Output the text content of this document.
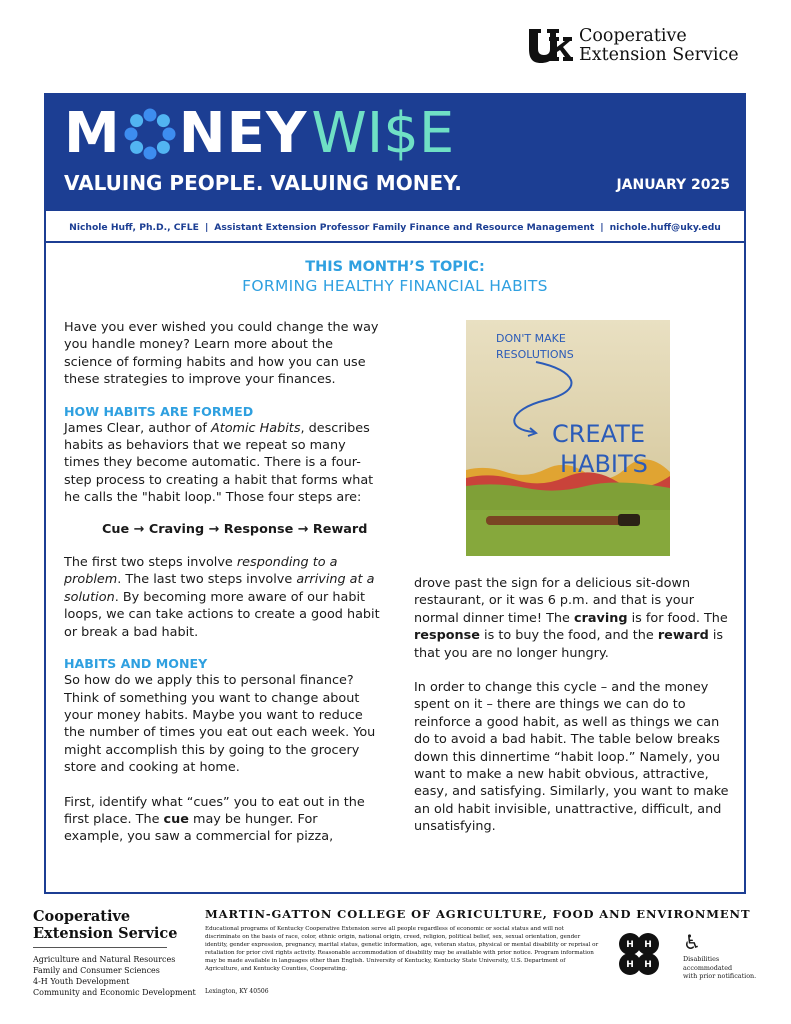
Cooperative
Extension Service
M NEY WI$E
VALUING PEOPLE. VALUING MONEY.	JANUARY 2025
Nichole Huff, Ph.D., CFLE | Assistant Extension Professor Family Finance and Resource Management | nichole.huff@uky.edu
THIS MONTH’S TOPIC:
FORMING HEALTHY FINANCIAL HABITS

Have you ever wished you could change the way you handle money? Learn more about the science of forming habits and how you can use these strategies to improve your finances.

HOW HABITS ARE FORMED

James Clear, author of Atomic Habits, describes habits as behaviors that we repeat so many times they become automatic. There is a four-step process to creating a habit that forms what he calls the "habit loop." Those four steps are:

Cue → Craving → Response → Reward

The first two steps involve responding to a problem. The last two steps involve arriving at a solution. By becoming more aware of our habit loops, we can take actions to create a good habit or break a bad habit.

HABITS AND MONEY

So how do we apply this to personal finance? Think of something you want to change about your money habits. Maybe you want to reduce the number of times you eat out each week. You might accomplish this by going to the grocery store and cooking at home.

First, identify what “cues” you to eat out in the first place. The cue may be hunger. For example, you saw a commercial for pizza,

DON'T MAKE
RESOLUTIONS
CREATE
HABITS

drove past the sign for a delicious sit-down restaurant, or it was 6 p.m. and that is your normal dinner time! The craving is for food. The response is to buy the food, and the reward is that you are no longer hungry.

In order to change this cycle – and the money spent on it – there are things we can do to reinforce a good habit, as well as things we can do to avoid a bad habit. The table below breaks down this dinnertime “habit loop.” Namely, you want to make a new habit obvious, attractive, easy, and satisfying. Similarly, you want to make an old habit invisible, unattractive, difficult, and unsatisfying.

Cooperative
Extension Service
Agriculture and Natural Resources
Family and Consumer Sciences
4-H Youth Development
Community and Economic Development
MARTIN-GATTON COLLEGE OF AGRICULTURE, FOOD AND ENVIRONMENT
Educational programs of Kentucky Cooperative Extension serve all people regardless of economic or social status and will not discriminate on the basis of race, color, ethnic origin, national origin, creed, religion, political belief, sex, sexual orientation, gender identity, gender expression, pregnancy, marital status, genetic information, age, veteran status, physical or mental disability or reprisal or retaliation for prior civil rights activity. Reasonable accommodation of disability may be available with prior notice. Program information may be made available in languages other than English. University of Kentucky, Kentucky State University, U.S. Department of Agriculture, and Kentucky Counties, Cooperating.
Lexington, KY 40506
H H
H H
♿
Disabilities
accommodated
with prior notification.
